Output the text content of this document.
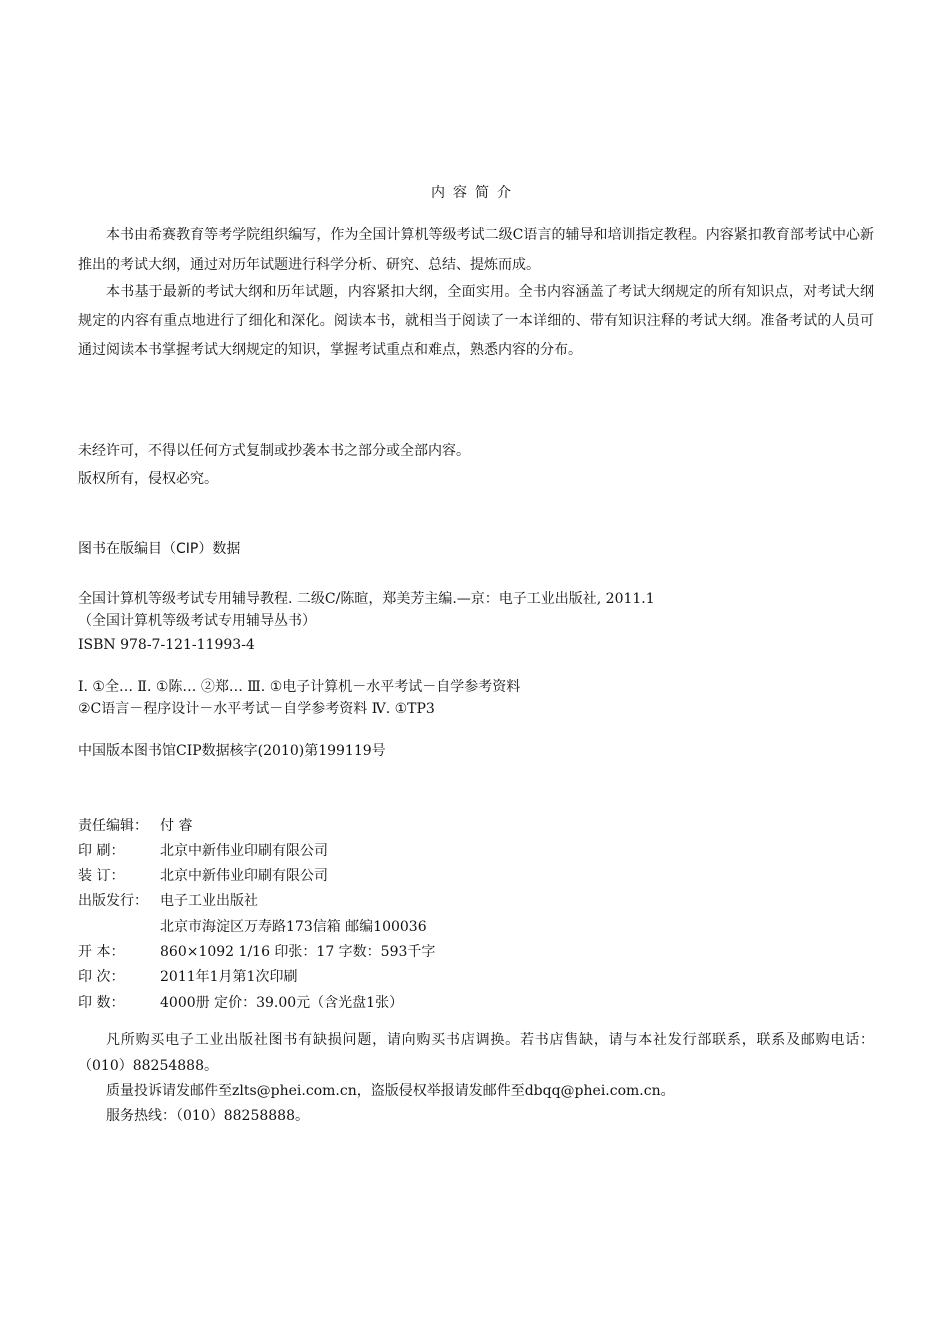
内容简介
本书由希赛教育等考学院组织编写，作为全国计算机等级考试二级C语言的辅导和培训指定教程。内容紧扣教育部考试中心新推出的考试大纲，通过对历年试题进行科学分析、研究、总结、提炼而成。
本书基于最新的考试大纲和历年试题，内容紧扣大纲，全面实用。全书内容涵盖了考试大纲规定的所有知识点，对考试大纲规定的内容有重点地进行了细化和深化。阅读本书，就相当于阅读了一本详细的、带有知识注释的考试大纲。准备考试的人员可通过阅读本书掌握考试大纲规定的知识，掌握考试重点和难点，熟悉内容的分布。
未经许可，不得以任何方式复制或抄袭本书之部分或全部内容。
版权所有，侵权必究。
图书在版编目（CIP）数据
全国计算机等级考试专用辅导教程. 二级C/陈暄，郑美芳主编.—京：电子工业出版社, 2011.1
（全国计算机等级考试专用辅导丛书）
ISBN 978-7-121-11993-4
Ⅰ. ①全… Ⅱ. ①陈… ②郑… Ⅲ. ①电子计算机－水平考试－自学参考资料
②C语言－程序设计－水平考试－自学参考资料 Ⅳ. ①TP3
中国版本图书馆CIP数据核字(2010)第199119号
责任编辑： 付 睿
印 刷：	北京中新伟业印刷有限公司
装 订：	北京中新伟业印刷有限公司
出版发行： 电子工业出版社
北京市海淀区万寿路173信箱 邮编100036
开 本：	860×1092 1/16 印张：17 字数：593千字
印 次：	2011年1月第1次印刷
印 数：	4000册 定价：39.00元（含光盘1张）
凡所购买电子工业出版社图书有缺损问题，请向购买书店调换。若书店售缺，请与本社发行部联系，联系及邮购电话：（010）88254888。
质量投诉请发邮件至zlts@phei.com.cn，盗版侵权举报请发邮件至dbqq@phei.com.cn。
服务热线：（010）88258888。
